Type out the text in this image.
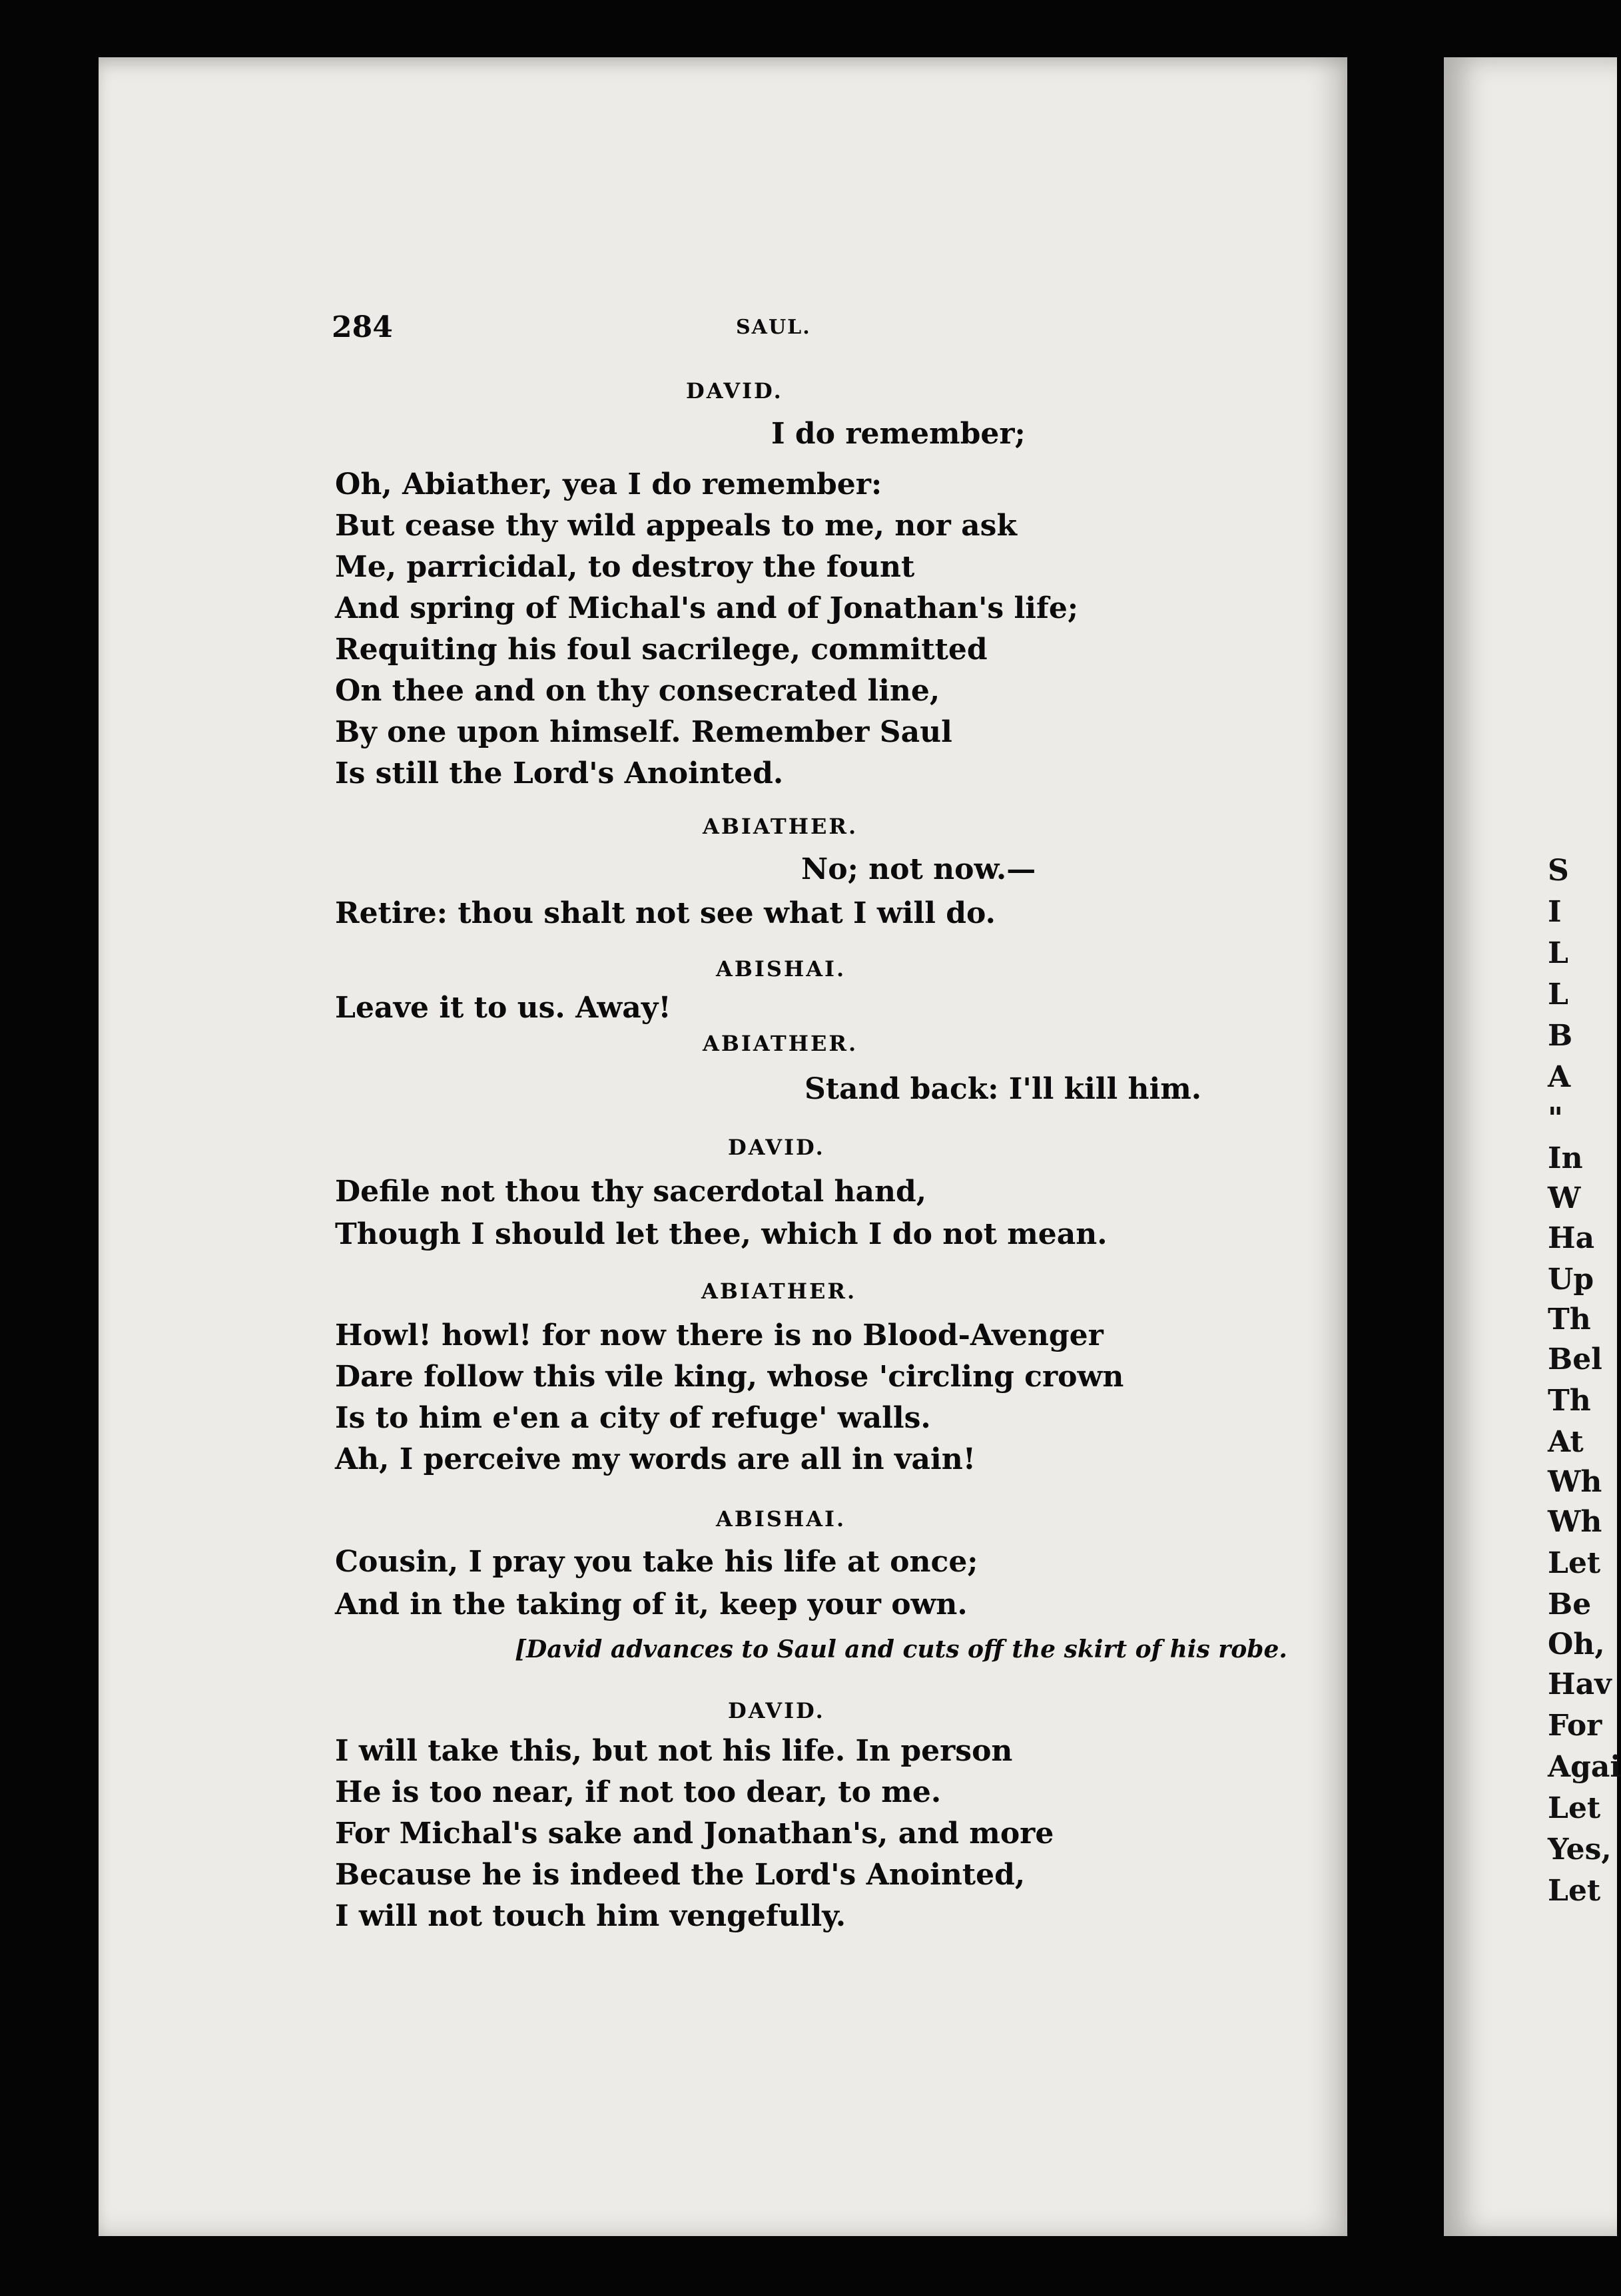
284	SAUL.
DAVID.
I do remember;
Oh, Abiather, yea I do remember:
But cease thy wild appeals to me, nor ask
Me, parricidal, to destroy the fount
And spring of Michal's and of Jonathan's life;
Requiting his foul sacrilege, committed
On thee and on thy consecrated line,
By one upon himself. Remember Saul
Is still the Lord's Anointed.
ABIATHER.
No; not now.—
Retire: thou shalt not see what I will do.
ABISHAI.
Leave it to us. Away!
ABIATHER.
Stand back: I'll kill him.
DAVID.
Defile not thou thy sacerdotal hand,
Though I should let thee, which I do not mean.
ABIATHER.
Howl! howl! for now there is no Blood-Avenger
Dare follow this vile king, whose 'circling crown
Is to him e'en a city of refuge' walls.
Ah, I perceive my words are all in vain!
ABISHAI.
Cousin, I pray you take his life at once;
And in the taking of it, keep your own.
[David advances to Saul and cuts off the skirt of his robe.
DAVID.
I will take this, but not his life. In person
He is too near, if not too dear, to me.
For Michal's sake and Jonathan's, and more
Because he is indeed the Lord's Anointed,
I will not touch him vengefully.
S
I
L
L
B
A
"
In
W
Ha
Up
Th
Bel
Th
At
Wh
Wh
Let
Be
Oh,
Hav
For
Agai
Let
Yes,
Let
